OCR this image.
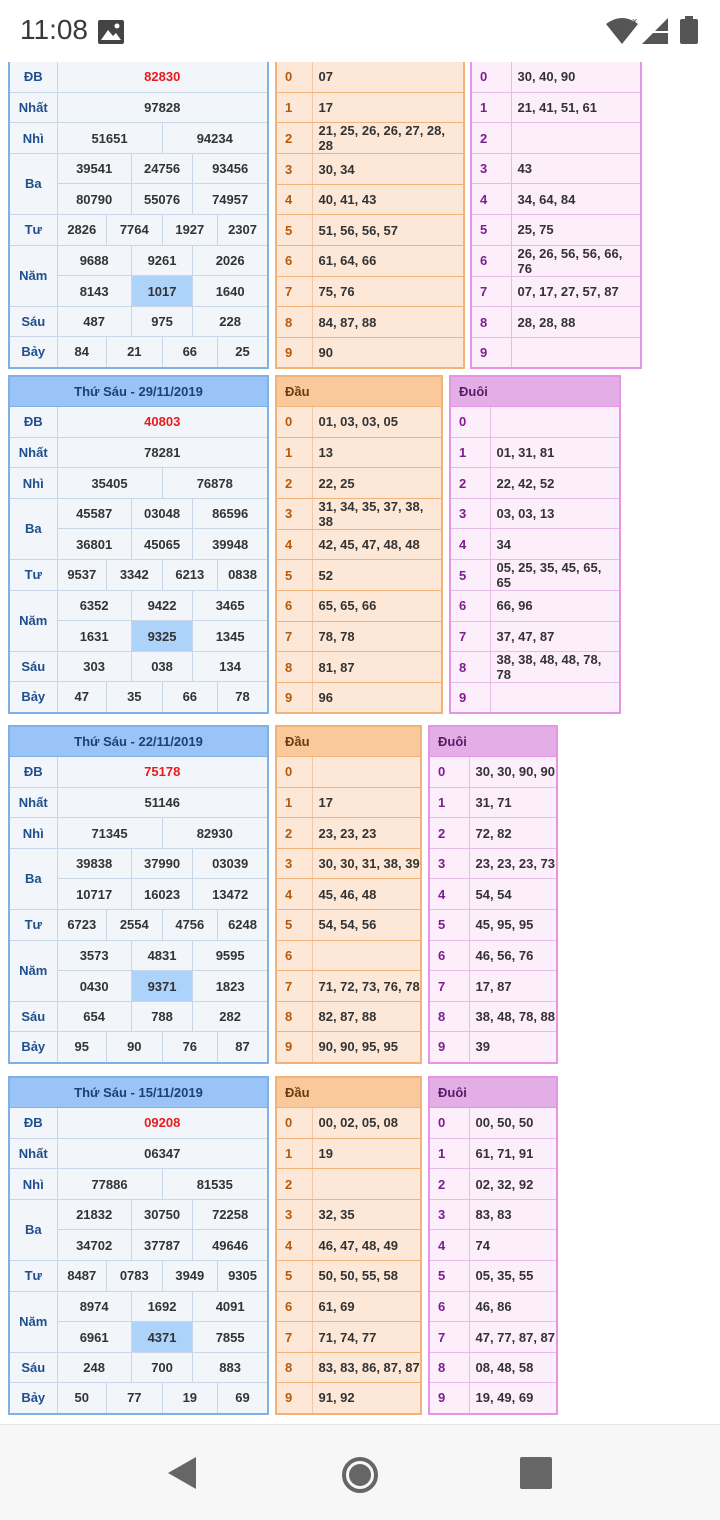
11:08	x

ĐB	82830					
Nhất	97828					
Nhì	51651			94234		
Ba	39541		24756		93456	
	80790		55076		74957	
Tư	2826	7764		1927		2307
Năm	9688		9261		2026	
	8143		1017		1640	
Sáu	487		975		228	
Bảy	84	21		66		25

0	07
1	17
2	21, 25, 26, 26, 27, 28, 28
3	30, 34
4	40, 41, 43
5	51, 56, 56, 57
6	61, 64, 66
7	75, 76
8	84, 87, 88
9	90

0	30, 40, 90
1	21, 41, 51, 61
2	
3	43
4	34, 64, 84
5	25, 75
6	26, 26, 56, 56, 66, 76
7	07, 17, 27, 57, 87
8	28, 28, 88
9	
Thứ Sáu - 29/11/2019						
ĐB	40803					
Nhất	78281					
Nhì	35405			76878		
Ba	45587		03048		86596	
	36801		45065		39948	
Tư	9537	3342		6213		0838
Năm	6352		9422		3465	
	1631		9325		1345	
Sáu	303		038		134	
Bảy	47	35		66		78
Đầu	
0	01, 03, 03, 05
1	13
2	22, 25
3	31, 34, 35, 37, 38, 38
4	42, 45, 47, 48, 48
5	52
6	65, 65, 66
7	78, 78
8	81, 87
9	96
Đuôi	
0	
1	01, 31, 81
2	22, 42, 52
3	03, 03, 13
4	34
5	05, 25, 35, 45, 65, 65
6	66, 96
7	37, 47, 87
8	38, 38, 48, 48, 78, 78
9	
Thứ Sáu - 22/11/2019						
ĐB	75178					
Nhất	51146					
Nhì	71345			82930		
Ba	39838		37990		03039	
	10717		16023		13472	
Tư	6723	2554		4756		6248
Năm	3573		4831		9595	
	0430		9371		1823	
Sáu	654		788		282	
Bảy	95	90		76		87
Đầu	
0	
1	17
2	23, 23, 23
3	30, 30, 31, 38, 39
4	45, 46, 48
5	54, 54, 56
6	
7	71, 72, 73, 76, 78
8	82, 87, 88
9	90, 90, 95, 95
Đuôi	
0	30, 30, 90, 90
1	31, 71
2	72, 82
3	23, 23, 23, 73
4	54, 54
5	45, 95, 95
6	46, 56, 76
7	17, 87
8	38, 48, 78, 88
9	39
Thứ Sáu - 15/11/2019						
ĐB	09208					
Nhất	06347					
Nhì	77886			81535		
Ba	21832		30750		72258	
	34702		37787		49646	
Tư	8487	0783		3949		9305
Năm	8974		1692		4091	
	6961		4371		7855	
Sáu	248		700		883	
Bảy	50	77		19		69
Đầu	
0	00, 02, 05, 08
1	19
2	
3	32, 35
4	46, 47, 48, 49
5	50, 50, 55, 58
6	61, 69
7	71, 74, 77
8	83, 83, 86, 87, 87
9	91, 92
Đuôi	
0	00, 50, 50
1	61, 71, 91
2	02, 32, 92
3	83, 83
4	74
5	05, 35, 55
6	46, 86
7	47, 77, 87, 87
8	08, 48, 58
9	19, 49, 69
